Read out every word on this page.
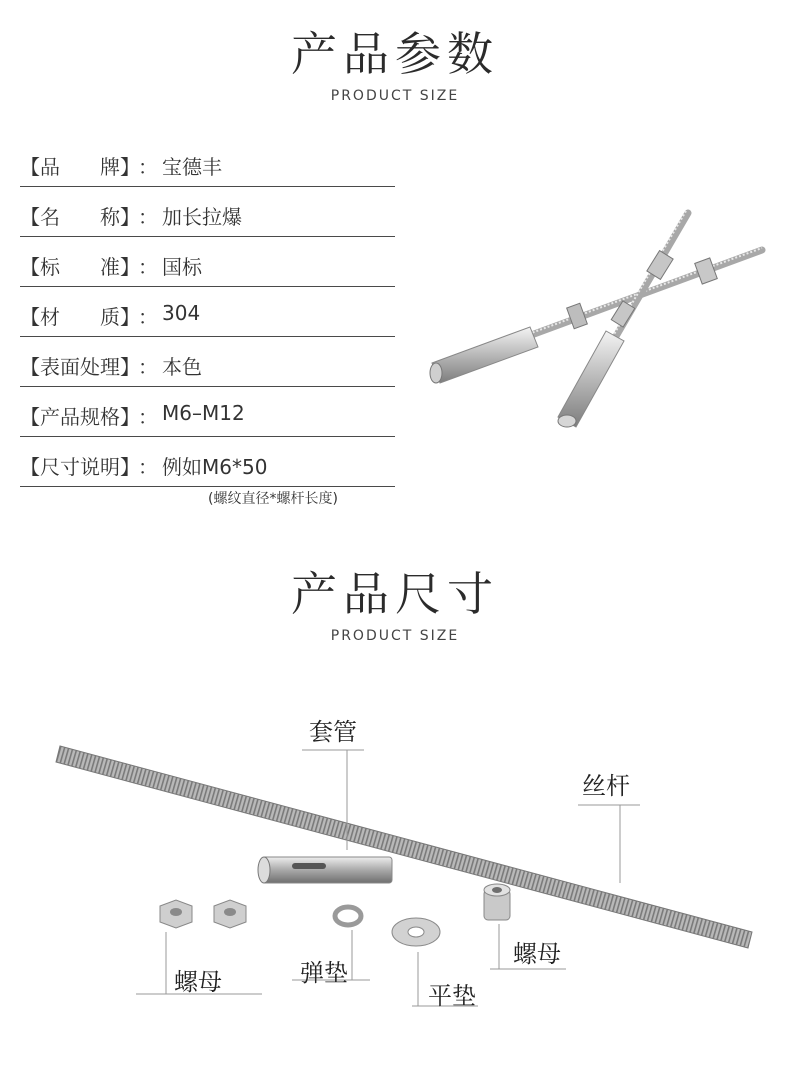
产品参数
PRODUCT SIZE
【品　　牌】
： 宝德丰
【名　　称】
： 加长拉爆
【标　　准】
： 国标
【材　　质】
： 304
【表面处理】
： 本色
【产品规格】
： M6–M12
【尺寸说明】
： 例如M6*50
(螺纹直径*螺杆长度)
产品尺寸
PRODUCT SIZE
套管
丝杆
螺母	弹垫
平垫
螺母
